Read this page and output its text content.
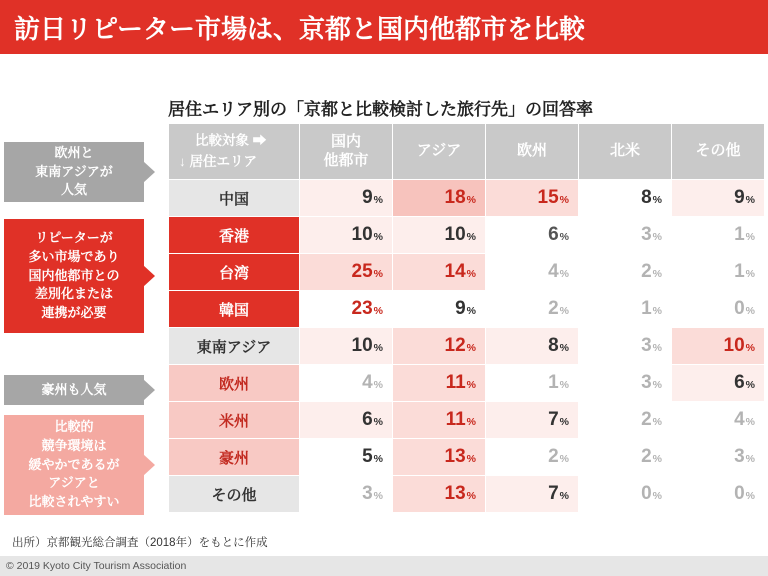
訪日リピーター市場は、京都と国内他都市を比較
居住エリア別の「京都と比較検討した旅行先」の回答率
欧州と
東南アジアが
人気
リピーターが
多い市場であり
国内他都市との
差別化または
連携が必要
豪州も人気
比較的
競争環境は
緩やかであるが
アジアと
比較されやすい
比較対象 ➡
↓ 居住エリア
	国内
他都市	アジア	欧州	北米	その他
中国	9%	18%	15%	8%	9%
香港	10%	10%	6%	3%	1%
台湾	25%	14%	4%	2%	1%
韓国	23%	9%	2%	1%	0%
東南アジア	10%	12%	8%	3%	10%
欧州	4%	11%	1%	3%	6%
米州	6%	11%	7%	2%	4%
豪州	5%	13%	2%	2%	3%
その他	3%	13%	7%	0%	0%
出所）京都観光総合調査（2018年）をもとに作成
© 2019 Kyoto City Tourism Association
